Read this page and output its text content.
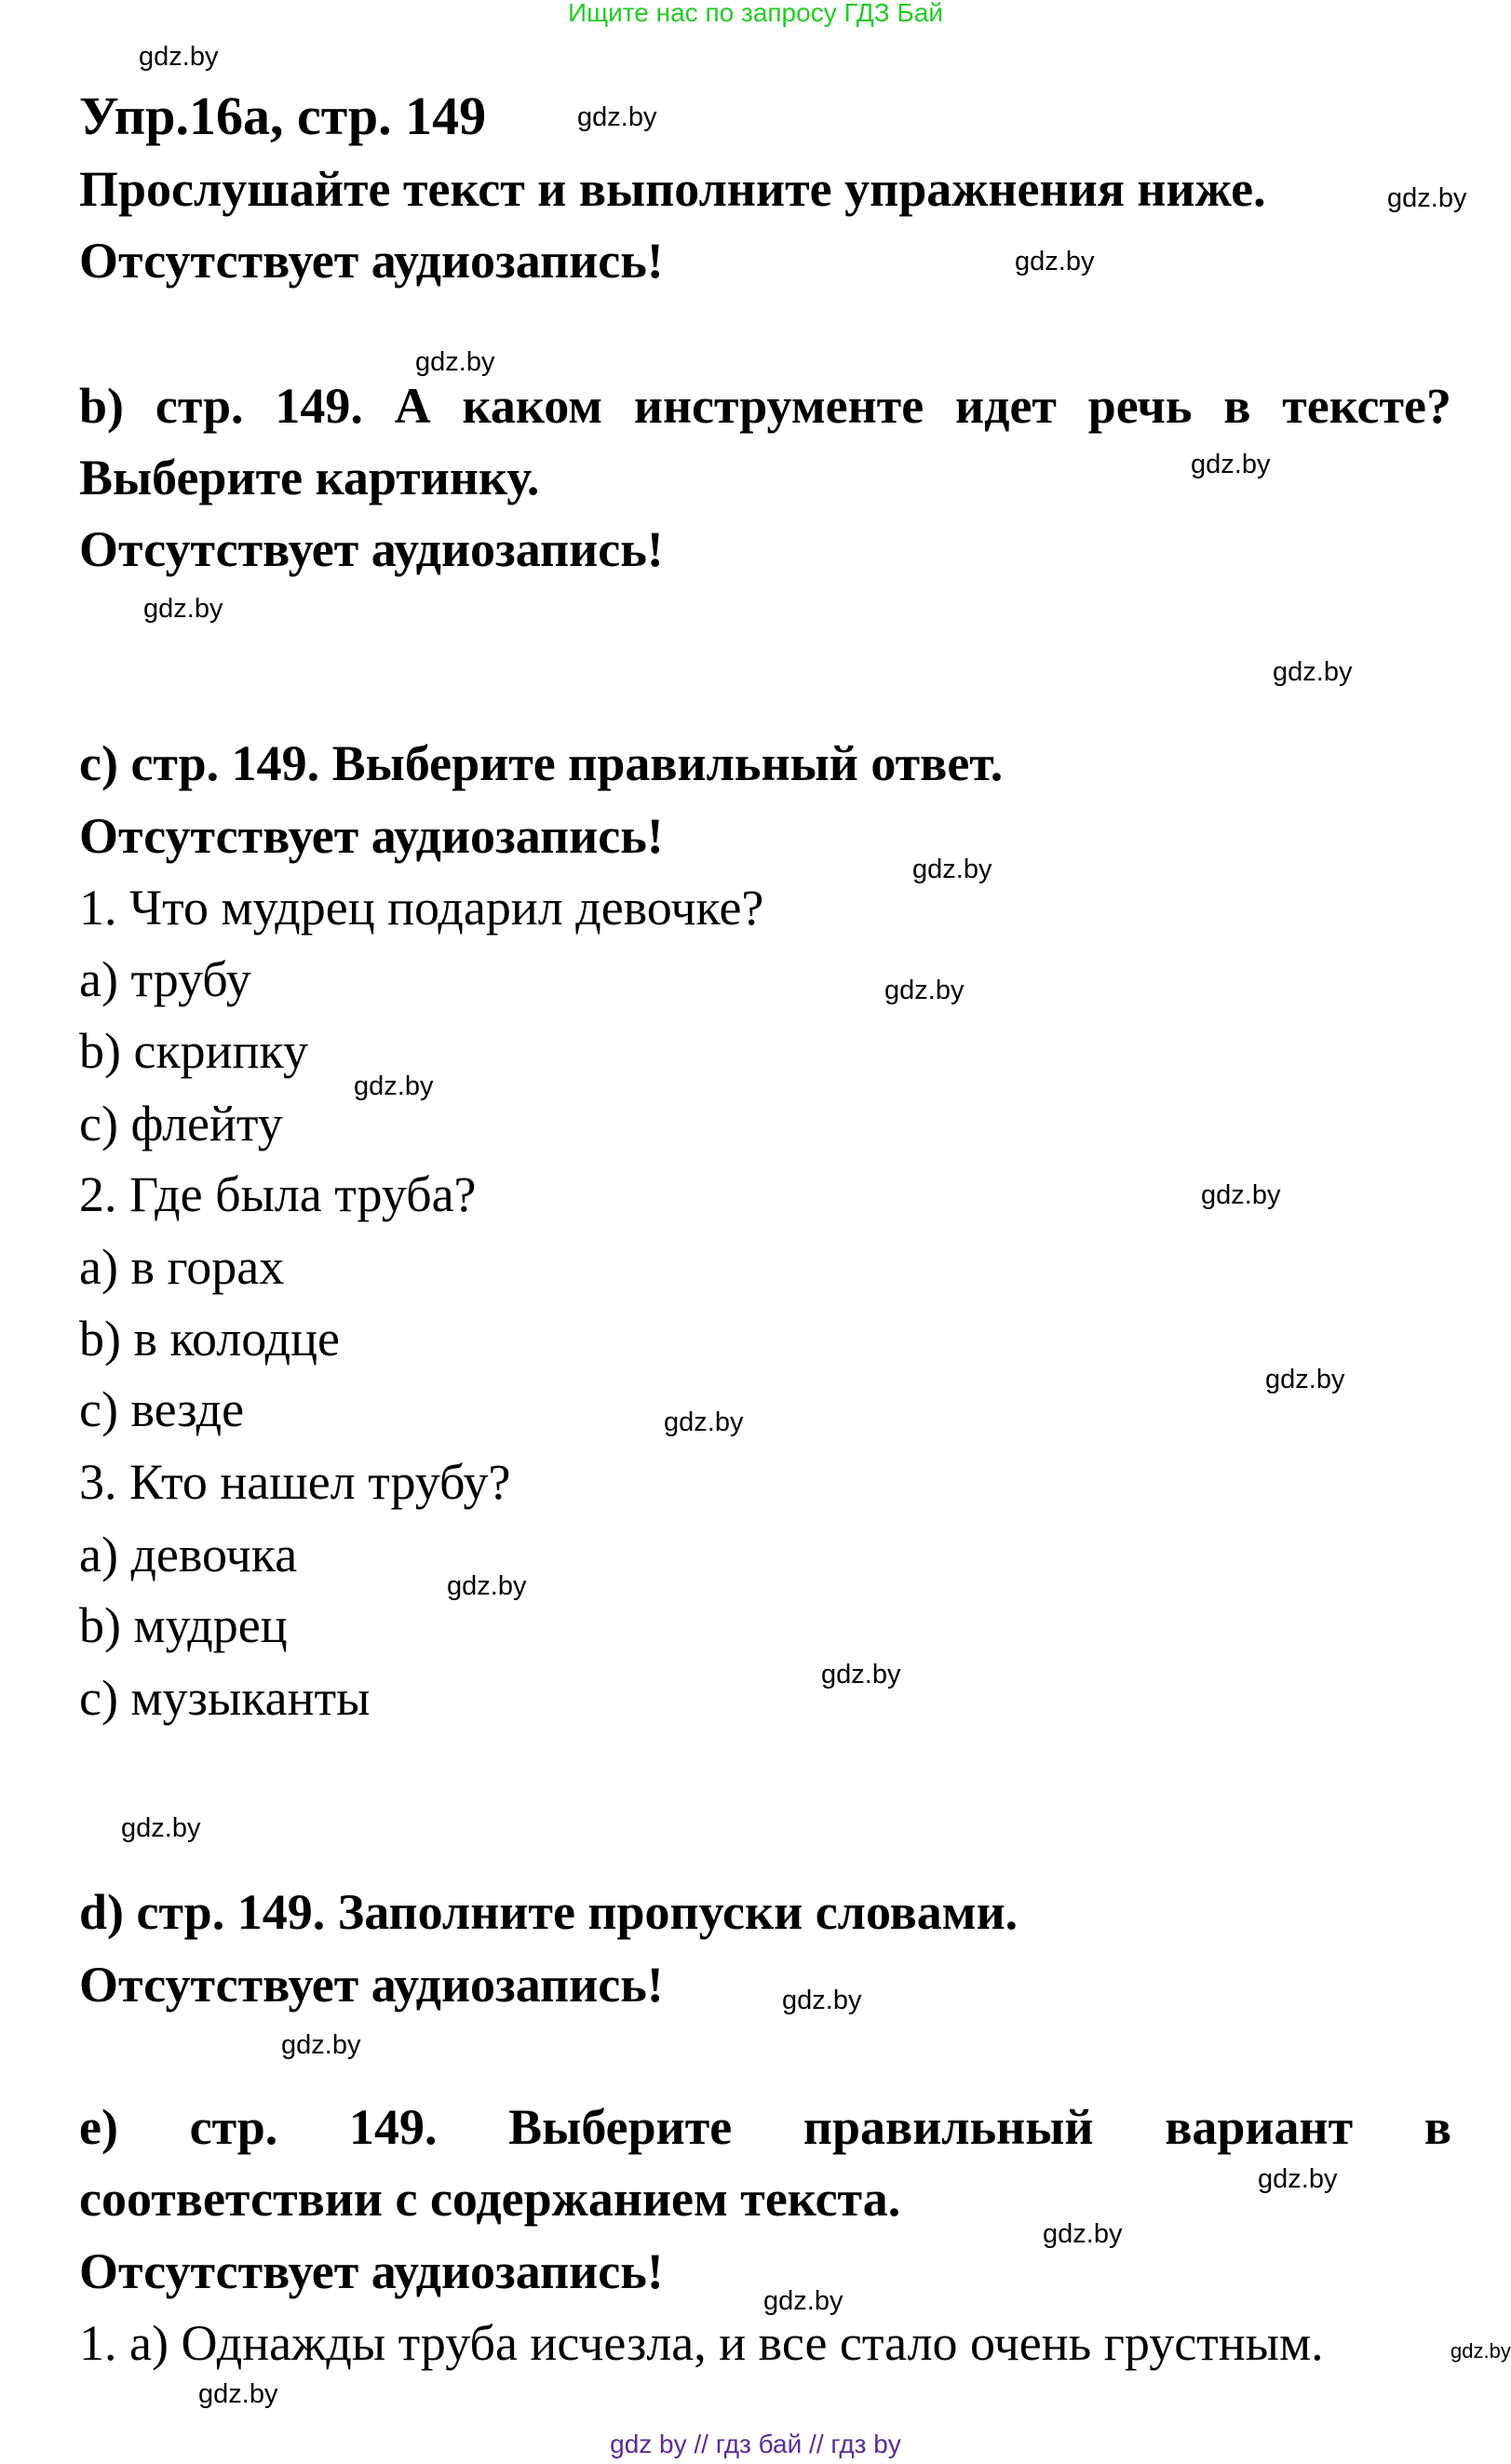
Ищите нас по запросу ГДЗ Бай
Упр.16а, стр. 149
Прослушайте текст и выполните упражнения ниже.
Отсутствует аудиозапись!
b) стр. 149. А каком инструменте идет речь в тексте?
Выберите картинку.
Отсутствует аудиозапись!
c) стр. 149. Выберите правильный ответ.
Отсутствует аудиозапись!
1. Что мудрец подарил девочке?
a) трубу
b) скрипку
c) флейту
2. Где была труба?
a) в горах
b) в колодце
c) везде
3. Кто нашел трубу?
a) девочка
b) мудрец
c) музыканты
d) стр. 149. Заполните пропуски словами.
Отсутствует аудиозапись!
e) стр. 149. Выберите правильный вариант в
соответствии с содержанием текста.
Отсутствует аудиозапись!
1. а) Однажды труба исчезла, и все стало очень грустным.
gdz.by
gdz.by
gdz.by
gdz.by
gdz.by
gdz.by
gdz.by
gdz.by
gdz.by
gdz.by
gdz.by
gdz.by
gdz.by
gdz.by
gdz.by
gdz.by
gdz.by
gdz.by
gdz.by
gdz.by
gdz.by
gdz.by
gdz.by
gdz.by
gdz by // гдз бай // гдз by
